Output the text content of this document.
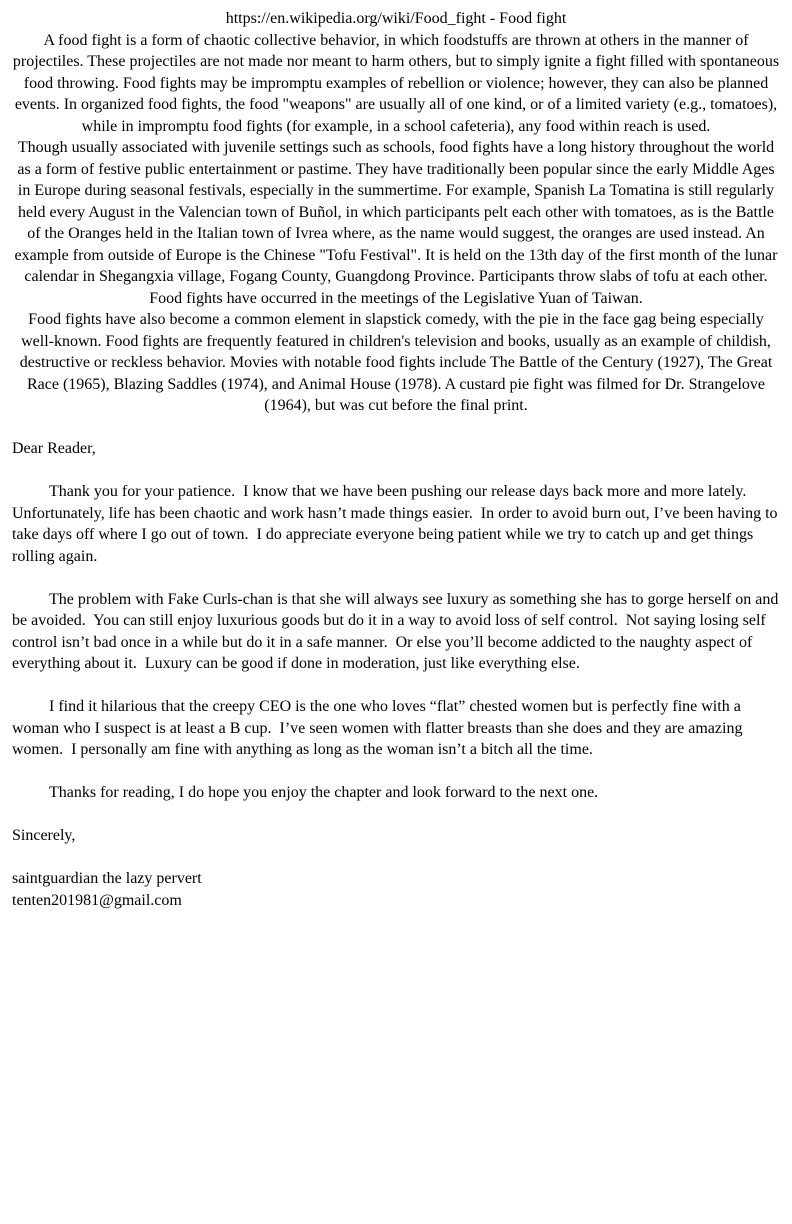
https://en.wikipedia.org/wiki/Food_fight - Food fight

A food fight is a form of chaotic collective behavior, in which foodstuffs are thrown at others in the manner of projectiles. These projectiles are not made nor meant to harm others, but to simply ignite a fight filled with spontaneous food throwing. Food fights may be impromptu examples of rebellion or violence; however, they can also be planned events. In organized food fights, the food "weapons" are usually all of one kind, or of a limited variety (e.g., tomatoes), while in impromptu food fights (for example, in a school cafeteria), any food within reach is used.

Though usually associated with juvenile settings such as schools, food fights have a long history throughout the world as a form of festive public entertainment or pastime. They have traditionally been popular since the early Middle Ages in Europe during seasonal festivals, especially in the summertime. For example, Spanish La Tomatina is still regularly held every August in the Valencian town of Buñol, in which participants pelt each other with tomatoes, as is the Battle of the Oranges held in the Italian town of Ivrea where, as the name would suggest, the oranges are used instead. An example from outside of Europe is the Chinese "Tofu Festival". It is held on the 13th day of the first month of the lunar calendar in Shegangxia village, Fogang County, Guangdong Province. Participants throw slabs of tofu at each other.

Food fights have occurred in the meetings of the Legislative Yuan of Taiwan.

Food fights have also become a common element in slapstick comedy, with the pie in the face gag being especially well-known. Food fights are frequently featured in children's television and books, usually as an example of childish, destructive or reckless behavior. Movies with notable food fights include The Battle of the Century (1927), The Great Race (1965), Blazing Saddles (1974), and Animal House (1978). A custard pie fight was filmed for Dr. Strangelove (1964), but was cut before the final print.

Dear Reader,

Thank you for your patience.  I know that we have been pushing our release days back more and more lately.  Unfortunately, life has been chaotic and work hasn’t made things easier.  In order to avoid burn out, I’ve been having to take days off where I go out of town.  I do appreciate everyone being patient while we try to catch up and get things rolling again.

The problem with Fake Curls-chan is that she will always see luxury as something she has to gorge herself on and be avoided.  You can still enjoy luxurious goods but do it in a way to avoid loss of self control.  Not saying losing self control isn’t bad once in a while but do it in a safe manner.  Or else you’ll become addicted to the naughty aspect of everything about it.  Luxury can be good if done in moderation, just like everything else.

I find it hilarious that the creepy CEO is the one who loves “flat” chested women but is perfectly fine with a woman who I suspect is at least a B cup.  I’ve seen women with flatter breasts than she does and they are amazing women.  I personally am fine with anything as long as the woman isn’t a bitch all the time.

Thanks for reading, I do hope you enjoy the chapter and look forward to the next one.

Sincerely,

saintguardian the lazy pervert

tenten201981@gmail.com
